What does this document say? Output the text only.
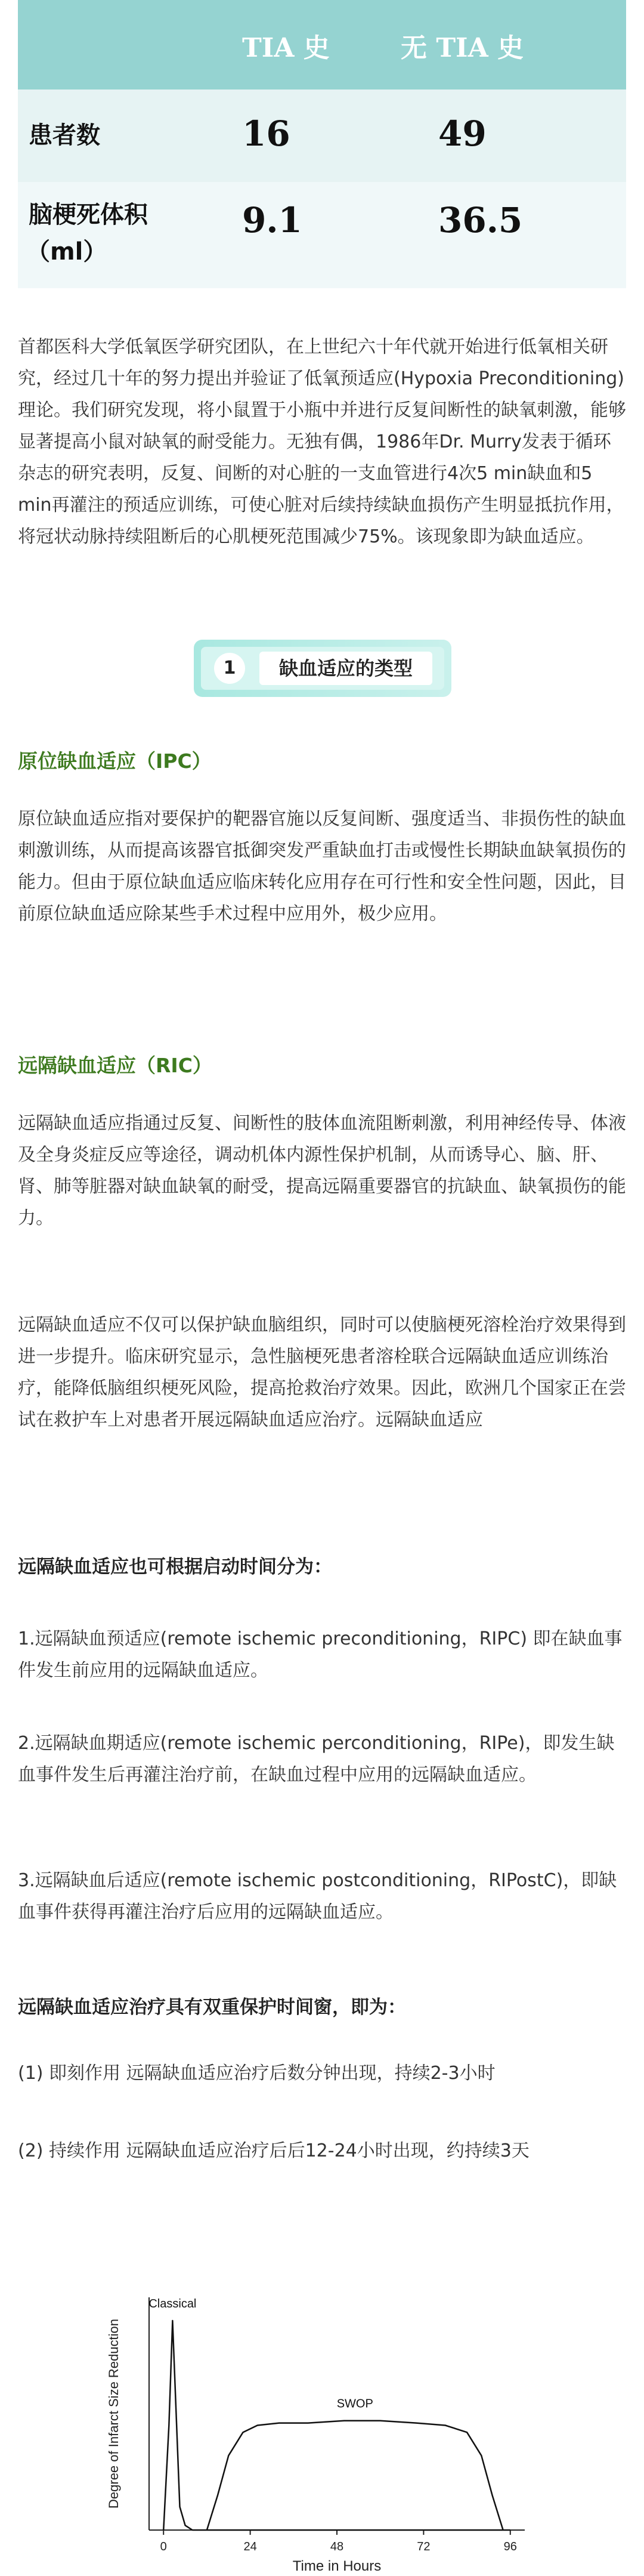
TIA 史	无 TIA 史
患者数	16	49
脑梗死体积
（ml）
9.1	36.5

首都医科大学低氧医学研究团队，在上世纪六十年代就开始进行低氧相关研究，经过几十年的努力提出并验证了低氧预适应(Hypoxia Preconditioning)理论。我们研究发现，将小鼠置于小瓶中并进行反复间断性的缺氧刺激，能够显著提高小鼠对缺氧的耐受能力。无独有偶，1986年Dr. Murry发表于循环杂志的研究表明，反复、间断的对心脏的一支血管进行4次5 min缺血和5 min再灌注的预适应训练，可使心脏对后续持续缺血损伤产生明显抵抗作用，将冠状动脉持续阻断后的心肌梗死范围减少75%。该现象即为缺血适应。

1	缺血适应的类型
原位缺血适应（IPC）

原位缺血适应指对要保护的靶器官施以反复间断、强度适当、非损伤性的缺血刺激训练，从而提高该器官抵御突发严重缺血打击或慢性长期缺血缺氧损伤的能力。但由于原位缺血适应临床转化应用存在可行性和安全性问题，因此，目前原位缺血适应除某些手术过程中应用外，极少应用。

远隔缺血适应（RIC）

远隔缺血适应指通过反复、间断性的肢体血流阻断刺激，利用神经传导、体液及全身炎症反应等途径，调动机体内源性保护机制，从而诱导心、脑、肝、肾、肺等脏器对缺血缺氧的耐受，提高远隔重要器官的抗缺血、缺氧损伤的能力。

远隔缺血适应不仅可以保护缺血脑组织，同时可以使脑梗死溶栓治疗效果得到进一步提升。临床研究显示，急性脑梗死患者溶栓联合远隔缺血适应训练治疗，能降低脑组织梗死风险，提高抢救治疗效果。因此，欧洲几个国家正在尝试在救护车上对患者开展远隔缺血适应治疗。远隔缺血适应

远隔缺血适应也可根据启动时间分为：

1.远隔缺血预适应(remote ischemic preconditioning，RIPC) 即在缺血事件发生前应用的远隔缺血适应。

2.远隔缺血期适应(remote ischemic perconditioning，RIPe)，即发生缺血事件发生后再灌注治疗前，在缺血过程中应用的远隔缺血适应。

3.远隔缺血后适应(remote ischemic postconditioning，RIPostC)，即缺血事件获得再灌注治疗后应用的远隔缺血适应。

远隔缺血适应治疗具有双重保护时间窗，即为：

(1) 即刻作用 远隔缺血适应治疗后数分钟出现，持续2-3小时

(2) 持续作用 远隔缺血适应治疗后后12-24小时出现，约持续3天

0	24	48	72	96
Time in Hours
Degree of Infarct Size Reduction
Classical
SWOP
